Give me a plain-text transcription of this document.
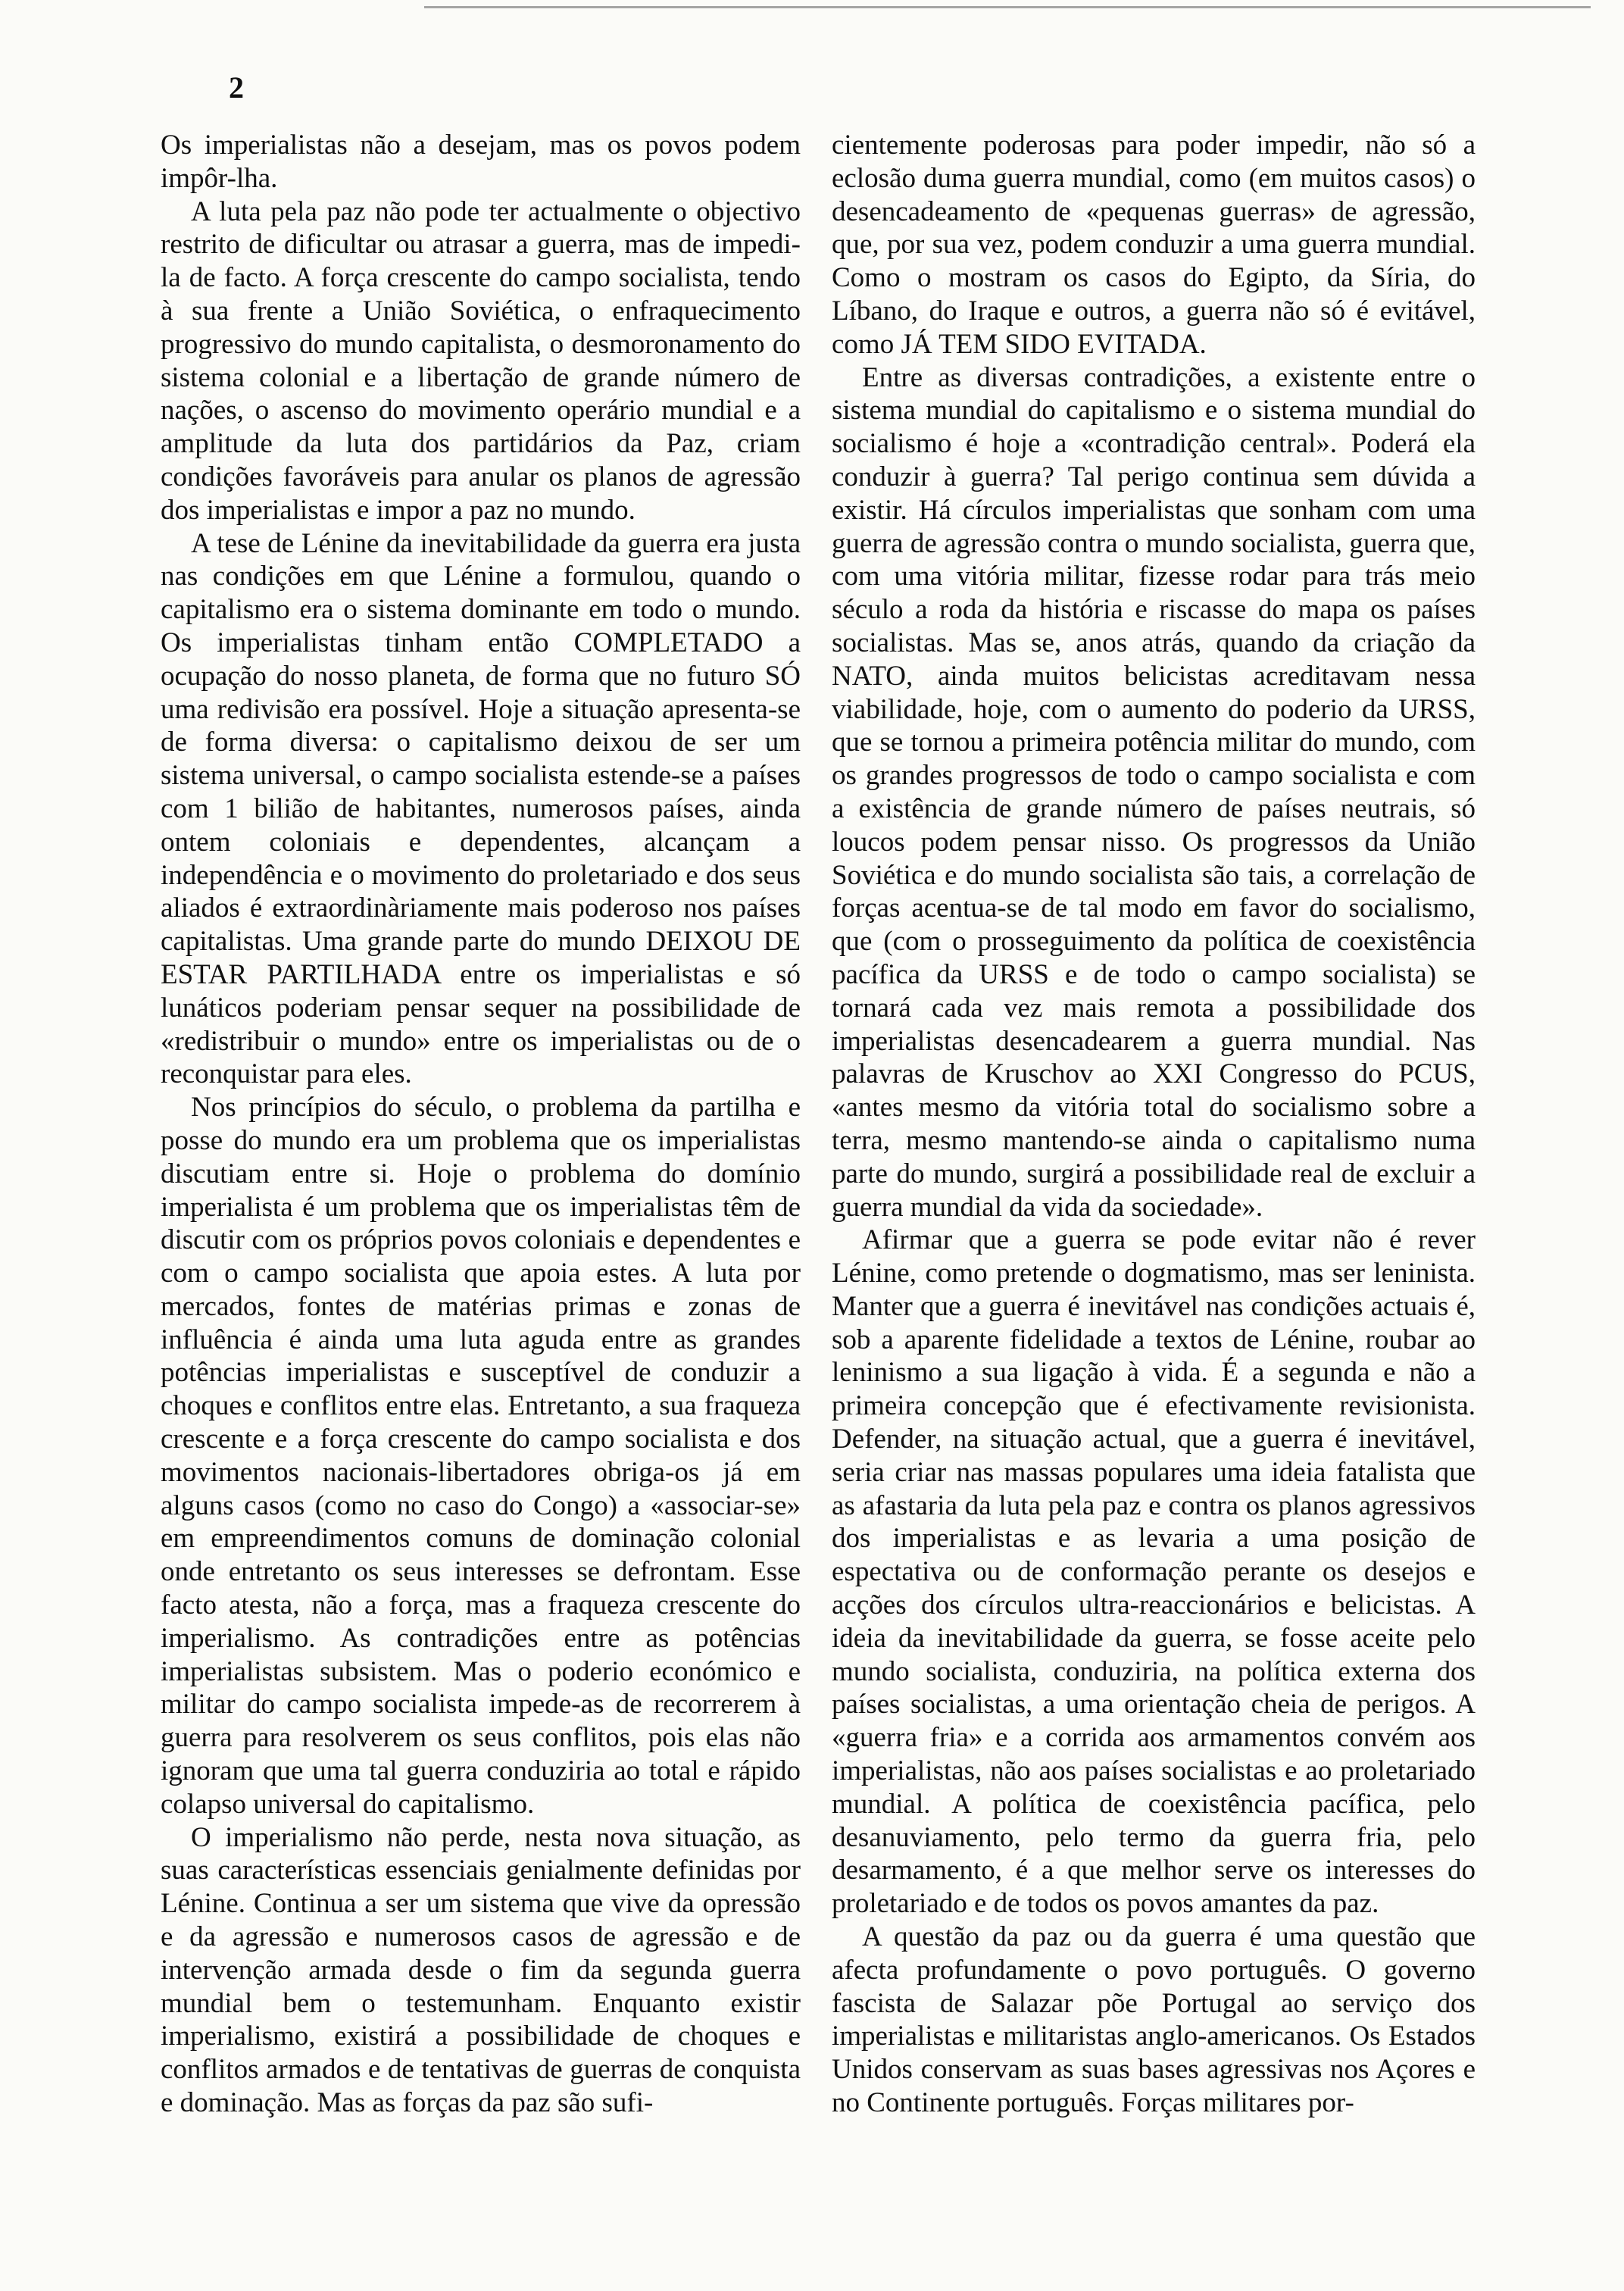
2

Os imperialistas não a desejam, mas os povos podem impôr-lha.

A luta pela paz não pode ter actualmente o objectivo restrito de dificultar ou atrasar a guerra, mas de impedi-la de facto. A força crescente do campo socialista, tendo à sua frente a União Soviética, o enfraquecimento progressivo do mundo capitalista, o desmoronamento do sistema colonial e a libertação de grande número de nações, o ascenso do movimento operário mundial e a amplitude da luta dos partidários da Paz, criam condições favoráveis para anular os planos de agressão dos imperialistas e impor a paz no mundo.

A tese de Lénine da inevitabilidade da guerra era justa nas condições em que Lénine a formulou, quando o capitalismo era o sistema dominante em todo o mundo. Os imperialistas tinham então COMPLETADO a ocupação do nosso planeta, de forma que no futuro SÓ uma redivisão era possível. Hoje a situação apresenta-se de forma diversa: o capitalismo deixou de ser um sistema universal, o campo socialista estende-se a países com 1 bilião de habitantes, numerosos países, ainda ontem coloniais e dependentes, alcançam a independência e o movimento do proletariado e dos seus aliados é extraordinàriamente mais poderoso nos países capitalistas. Uma grande parte do mundo DEIXOU DE ESTAR PARTILHADA entre os imperialistas e só lunáticos poderiam pensar sequer na possibilidade de «redistribuir o mundo» entre os imperialistas ou de o reconquistar para eles.

Nos princípios do século, o problema da partilha e posse do mundo era um problema que os imperialistas discutiam entre si. Hoje o problema do domínio imperialista é um problema que os imperialistas têm de discutir com os próprios povos coloniais e dependentes e com o campo socialista que apoia estes. A luta por mercados, fontes de matérias primas e zonas de influência é ainda uma luta aguda entre as grandes potências imperialistas e susceptível de conduzir a choques e conflitos entre elas. Entretanto, a sua fraqueza crescente e a força crescente do campo socialista e dos movimentos nacionais-libertadores obriga-os já em alguns casos (como no caso do Congo) a «associar-se» em empreendimentos comuns de dominação colonial onde entretanto os seus interesses se defrontam. Esse facto atesta, não a força, mas a fraqueza crescente do imperialismo. As contradições entre as potências imperialistas subsistem. Mas o poderio económico e militar do campo socialista impede-as de recorrerem à guerra para resolverem os seus conflitos, pois elas não ignoram que uma tal guerra conduziria ao total e rápido colapso universal do capitalismo.

O imperialismo não perde, nesta nova situação, as suas características essenciais genialmente definidas por Lénine. Continua a ser um sistema que vive da opressão e da agressão e numerosos casos de agressão e de intervenção armada desde o fim da segunda guerra mundial bem o testemunham. Enquanto existir imperialismo, existirá a possibilidade de choques e conflitos armados e de tentativas de guerras de conquista e dominação. Mas as forças da paz são sufi-

cientemente poderosas para poder impedir, não só a eclosão duma guerra mundial, como (em muitos casos) o desencadeamento de «pequenas guerras» de agressão, que, por sua vez, podem conduzir a uma guerra mundial. Como o mostram os casos do Egipto, da Síria, do Líbano, do Iraque e outros, a guerra não só é evitável, como JÁ TEM SIDO EVITADA.

Entre as diversas contradições, a existente entre o sistema mundial do capitalismo e o sistema mundial do socialismo é hoje a «contradição central». Poderá ela conduzir à guerra? Tal perigo continua sem dúvida a existir. Há círculos imperialistas que sonham com uma guerra de agressão contra o mundo socialista, guerra que, com uma vitória militar, fizesse rodar para trás meio século a roda da história e riscasse do mapa os países socialistas. Mas se, anos atrás, quando da criação da NATO, ainda muitos belicistas acreditavam nessa viabilidade, hoje, com o aumento do poderio da URSS, que se tornou a primeira potência militar do mundo, com os grandes progressos de todo o campo socialista e com a existência de grande número de países neutrais, só loucos podem pensar nisso. Os progressos da União Soviética e do mundo socialista são tais, a correlação de forças acentua-se de tal modo em favor do socialismo, que (com o prosseguimento da política de coexistência pacífica da URSS e de todo o campo socialista) se tornará cada vez mais remota a possibilidade dos imperialistas desencadearem a guerra mundial. Nas palavras de Kruschov ao XXI Congresso do PCUS, «antes mesmo da vitória total do socialismo sobre a terra, mesmo mantendo-se ainda o capitalismo numa parte do mundo, surgirá a possibilidade real de excluir a guerra mundial da vida da sociedade».

Afirmar que a guerra se pode evitar não é rever Lénine, como pretende o dogmatismo, mas ser leninista. Manter que a guerra é inevitável nas condições actuais é, sob a aparente fidelidade a textos de Lénine, roubar ao leninismo a sua ligação à vida. É a segunda e não a primeira concepção que é efectivamente revisionista. Defender, na situação actual, que a guerra é inevitável, seria criar nas massas populares uma ideia fatalista que as afastaria da luta pela paz e contra os planos agressivos dos imperialistas e as levaria a uma posição de espectativa ou de conformação perante os desejos e acções dos círculos ultra-reaccionários e belicistas. A ideia da inevitabilidade da guerra, se fosse aceite pelo mundo socialista, conduziria, na política externa dos países socialistas, a uma orientação cheia de perigos. A «guerra fria» e a corrida aos armamentos convém aos imperialistas, não aos países socialistas e ao proletariado mundial. A política de coexistência pacífica, pelo desanuviamento, pelo termo da guerra fria, pelo desarmamento, é a que melhor serve os interesses do proletariado e de todos os povos amantes da paz.

A questão da paz ou da guerra é uma questão que afecta profundamente o povo português. O governo fascista de Salazar põe Portugal ao serviço dos imperialistas e militaristas anglo-americanos. Os Estados Unidos conservam as suas bases agressivas nos Açores e no Continente português. Forças militares por-
